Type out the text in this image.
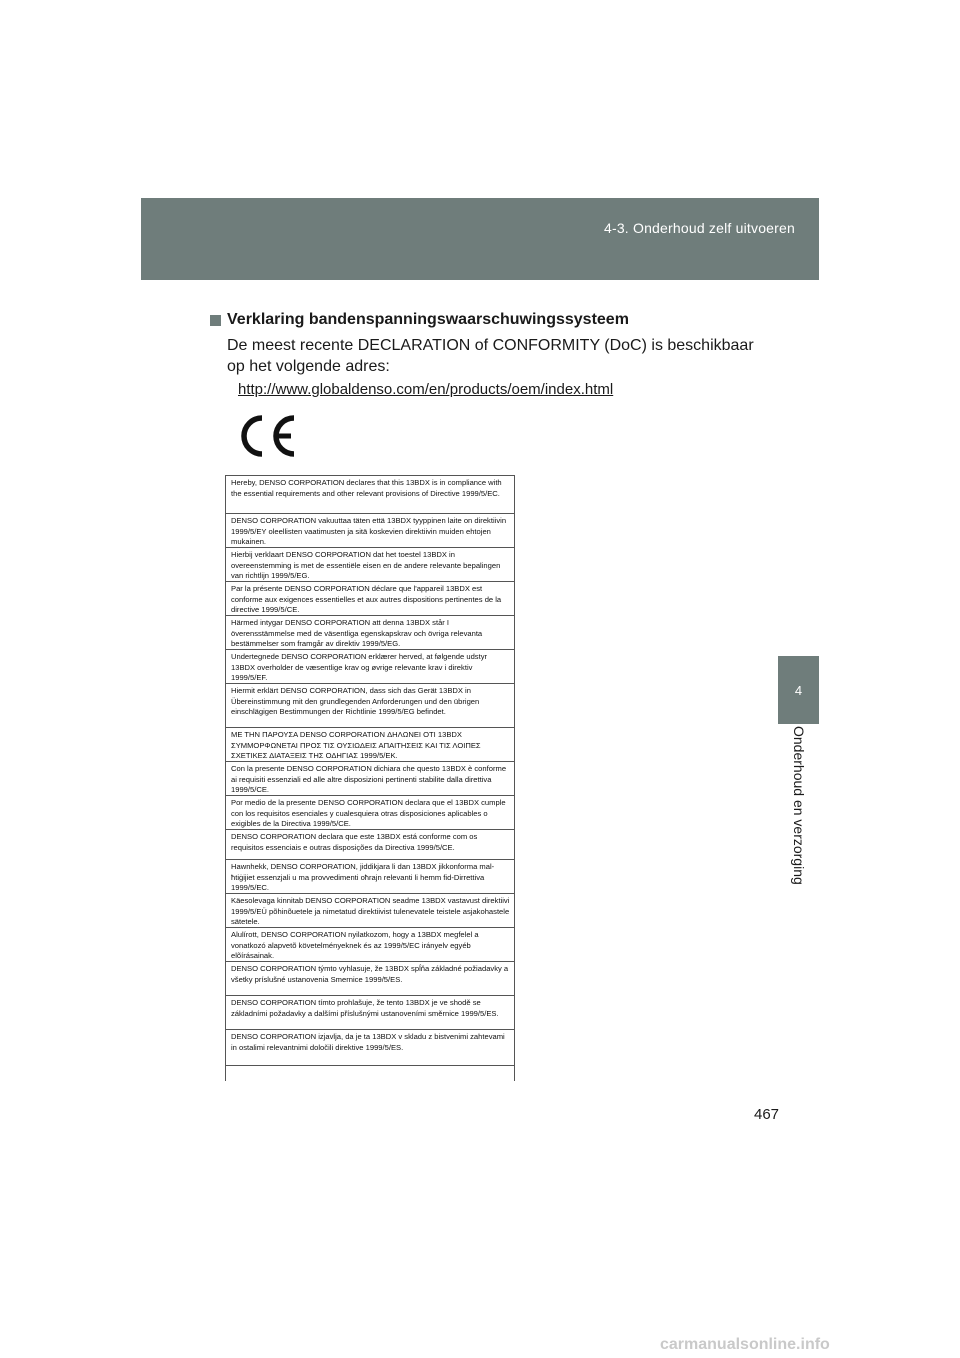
4-3. Onderhoud zelf uitvoeren
4
Onderhoud en verzorging
Verklaring bandenspanningswaarschuwingssysteem
De meest recente DECLARATION of CONFORMITY (DoC) is beschikbaar op het volgende adres:
http://www.globaldenso.com/en/products/oem/index.html
Hereby, DENSO CORPORATION declares that this 13BDX is in compliance with the essential requirements and other relevant provisions of Directive 1999/5/EC.
DENSO CORPORATION vakuuttaa täten että 13BDX tyyppinen laite on direktiivin 1999/5/EY oleellisten vaatimusten ja sitä koskevien direktiivin muiden ehtojen mukainen.
Hierbij verklaart DENSO CORPORATION dat het toestel 13BDX in overeenstemming is met de essentiële eisen en de andere relevante bepalingen van richtlijn 1999/5/EG.
Par la présente DENSO CORPORATION déclare que l'appareil 13BDX est conforme aux exigences essentielles et aux autres dispositions pertinentes de la directive 1999/5/CE.
Härmed intygar DENSO CORPORATION att denna 13BDX står I överensstämmelse med de väsentliga egenskapskrav och övriga relevanta bestämmelser som framgår av direktiv 1999/5/EG.
Undertegnede DENSO CORPORATION erklærer herved, at følgende udstyr 13BDX overholder de væsentlige krav og øvrige relevante krav i direktiv 1999/5/EF.
Hiermit erklärt DENSO CORPORATION, dass sich das Gerät 13BDX in Übereinstimmung mit den grundlegenden Anforderungen und den übrigen einschlägigen Bestimmungen der Richtlinie 1999/5/EG befindet.
ΜΕ ΤΗΝ ΠΑΡΟΥΣΑ DENSO CORPORATION ΔΗΛΩΝΕΙ ΟΤΙ 13BDX ΣΥΜΜΟΡΦΩΝΕΤΑΙ ΠΡΟΣ ΤΙΣ ΟΥΣΙΩΔΕΙΣ ΑΠΑΙΤΗΣΕΙΣ ΚΑΙ ΤΙΣ ΛΟΙΠΕΣ ΣΧΕΤΙΚΕΣ ΔΙΑΤΑΞΕΙΣ ΤΗΣ ΟΔΗΓΙΑΣ 1999/5/ΕΚ.
Con la presente DENSO CORPORATION dichiara che questo 13BDX è conforme ai requisiti essenziali ed alle altre disposizioni pertinenti stabilite dalla direttiva 1999/5/CE.
Por medio de la presente DENSO CORPORATION declara que el 13BDX cumple con los requisitos esenciales y cualesquiera otras disposiciones aplicables o exigibles de la Directiva 1999/5/CE.
DENSO CORPORATION declara que este 13BDX está conforme com os requisitos essenciais e outras disposições da Directiva 1999/5/CE.
Hawnhekk, DENSO CORPORATION, jiddikjara li dan 13BDX jikkonforma mal-ħtiġijiet essenzjali u ma provvedimenti oħrajn relevanti li hemm fid-Dirrettiva 1999/5/EC.
Käesolevaga kinnitab DENSO CORPORATION seadme 13BDX vastavust direktiivi 1999/5/EÜ põhinõuetele ja nimetatud direktiivist tulenevatele teistele asjakohastele sätetele.
Alulírott, DENSO CORPORATION nyilatkozom, hogy a 13BDX megfelel a vonatkozó alapvetõ követelményeknek és az 1999/5/EC irányelv egyéb elõírásainak.
DENSO CORPORATION týmto vyhlasuje, že 13BDX spĺňa základné požiadavky a všetky príslušné ustanovenia Smernice 1999/5/ES.
DENSO CORPORATION tímto prohlašuje, že tento 13BDX je ve shodě se základními požadavky a dalšími příslušnými ustanoveními směrnice 1999/5/ES.
DENSO CORPORATION izjavlja, da je ta 13BDX v skladu z bistvenimi zahtevami in ostalimi relevantnimi določili direktive 1999/5/ES.
467
carmanualsonline.info
